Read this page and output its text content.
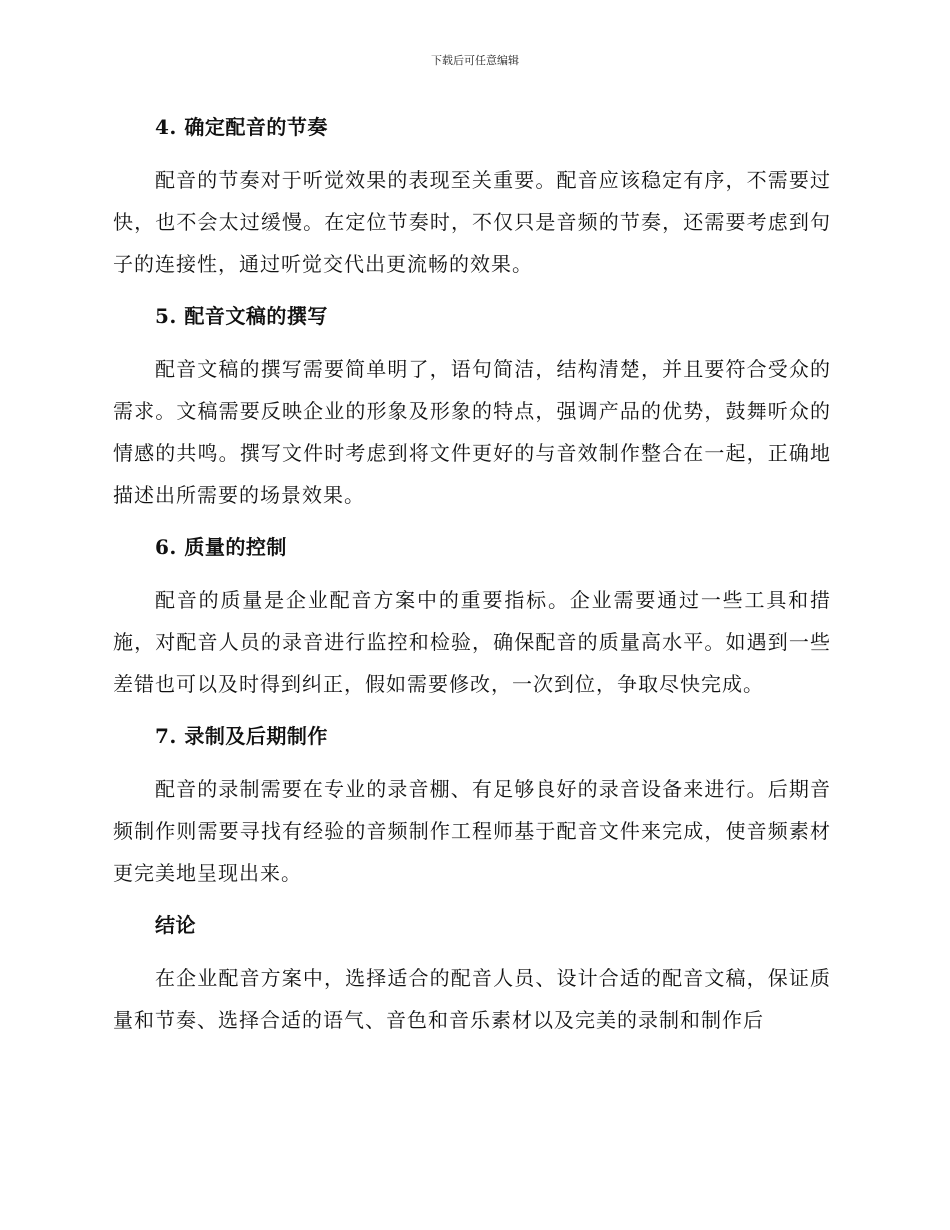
下载后可任意编辑
4. 确定配音的节奏

配音的节奏对于听觉效果的表现至关重要。配音应该稳定有序，不需要过快，也不会太过缓慢。在定位节奏时，不仅只是音频的节奏，还需要考虑到句子的连接性，通过听觉交代出更流畅的效果。

5. 配音文稿的撰写

配音文稿的撰写需要简单明了，语句简洁，结构清楚，并且要符合受众的需求。文稿需要反映企业的形象及形象的特点，强调产品的优势，鼓舞听众的情感的共鸣。撰写文件时考虑到将文件更好的与音效制作整合在一起，正确地描述出所需要的场景效果。

6. 质量的控制

配音的质量是企业配音方案中的重要指标。企业需要通过一些工具和措施，对配音人员的录音进行监控和检验，确保配音的质量高水平。如遇到一些差错也可以及时得到纠正，假如需要修改，一次到位，争取尽快完成。

7. 录制及后期制作

配音的录制需要在专业的录音棚、有足够良好的录音设备来进行。后期音频制作则需要寻找有经验的音频制作工程师基于配音文件来完成，使音频素材更完美地呈现出来。

结论

在企业配音方案中，选择适合的配音人员、设计合适的配音文稿，保证质量和节奏、选择合适的语气、音色和音乐素材以及完美的录制和制作后
